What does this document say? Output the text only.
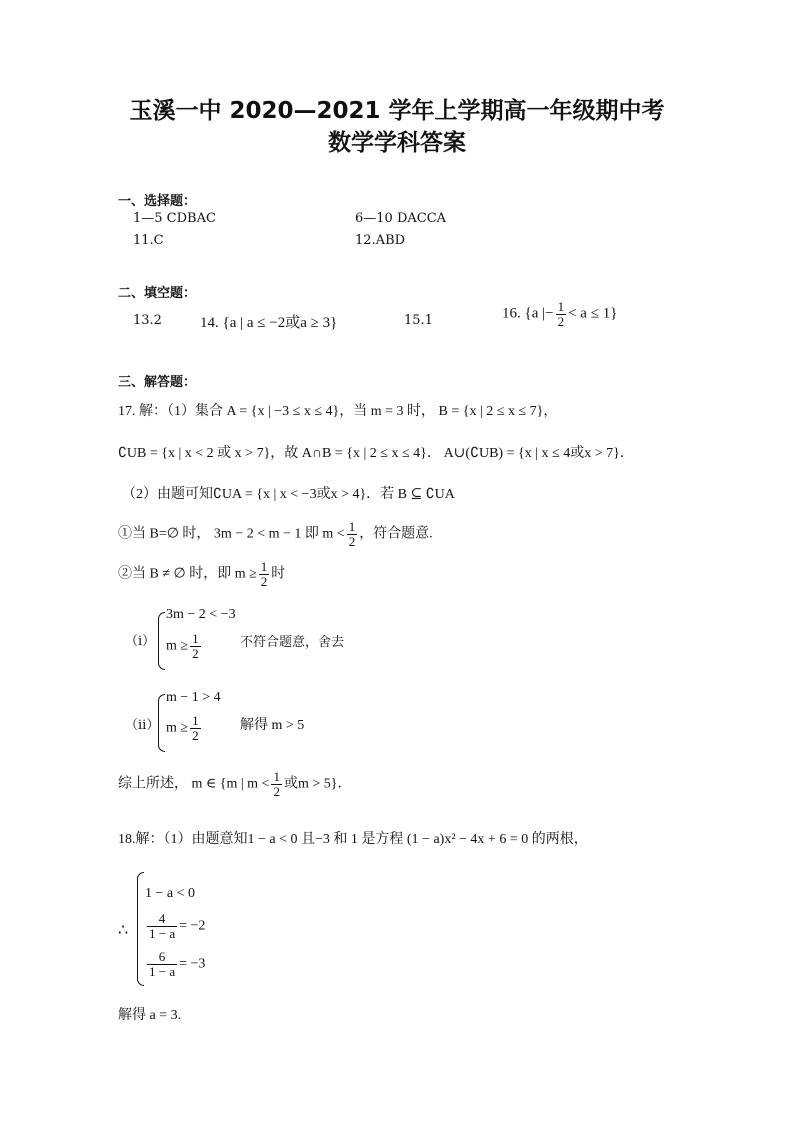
玉溪一中 2020—2021 学年上学期高一年级期中考
数学学科答案
一、选择题：
1—5 CDBAC	6—10 DACCA
11.C	12.ABD
二、填空题：
13.2	14. {a | a ≤ −2或a ≥ 3}	15.1	16. {a |− $\frac{1}{2} < a \le 1$}
三、解答题：
17. 解：（1）集合 A = {x | −3 ≤ x ≤ 4}，当 m = 3 时， B = {x | 2 ≤ x ≤ 7}，
∁UB = {x | x < 2 或 x > 7}，故 A∩B = {x | 2 ≤ x ≤ 4}． A∪(∁UB) = {x | x ≤ 4或x > 7}．
（2）由题可知∁UA = {x | x < −3或x > 4}．若 B ⊆ ∁UA
①当 B=∅ 时， 3m − 2 < m − 1 即 $m < \frac{1}{2}$ ，符合题意.
②当 B ≠ ∅ 时，即 $m \ge \frac{1}{2}$ 时
（i）
3m − 2 < −3
$m \ge \frac{1}{2}$	不符合题意，舍去
（ii）
m − 1 > 4
$m \ge \frac{1}{2}$	解得 m > 5
综上所述， m ∈ {m | $m < \frac{1}{2}$ 或m > 5}．
18.解：（1）由题意知1 − a < 0 且−3 和 1 是方程 (1 − a)x² − 4x + 6 = 0 的两根，
∴
1 − a < 0
$\frac{4}{1 - a} = -2$
$\frac{6}{1 - a} = -3$
解得 a = 3.
